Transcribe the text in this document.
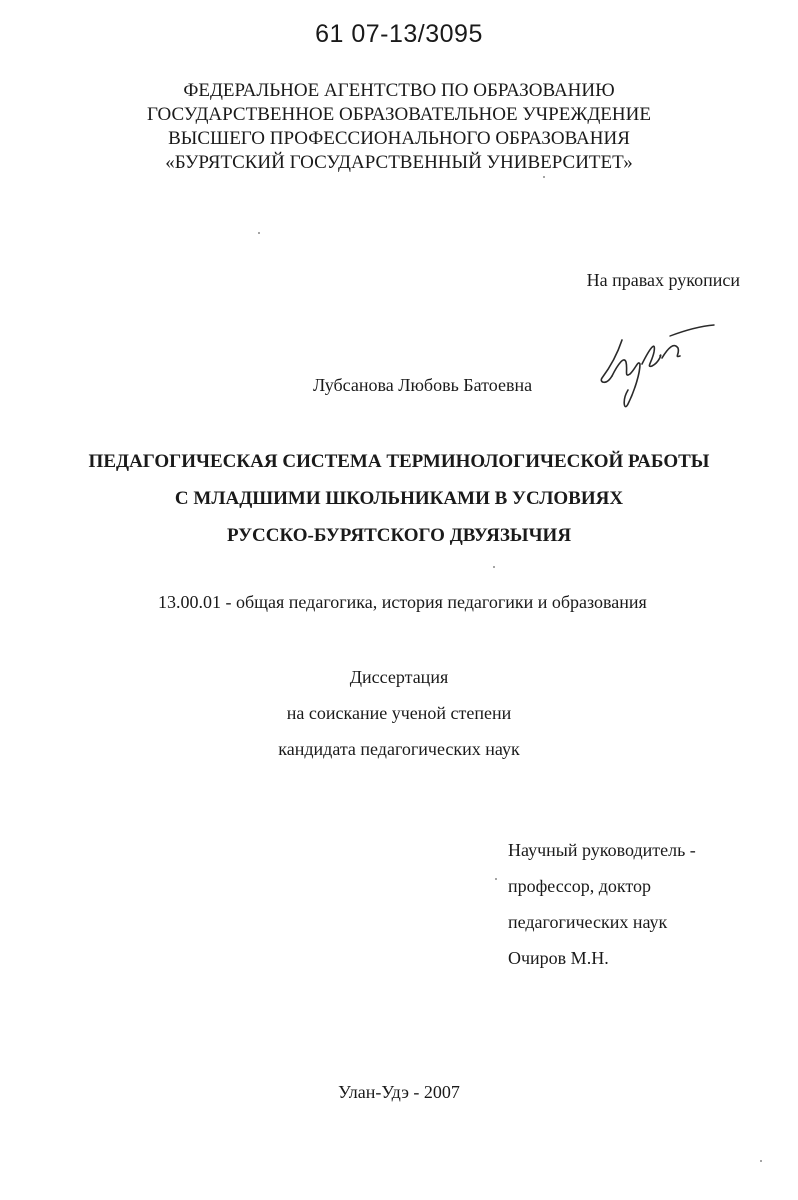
61 07-13/3095

ФЕДЕРАЛЬНОЕ АГЕНТСТВО ПО ОБРАЗОВАНИЮ
ГОСУДАРСТВЕННОЕ ОБРАЗОВАТЕЛЬНОЕ УЧРЕЖДЕНИЕ
ВЫСШЕГО ПРОФЕССИОНАЛЬНОГО ОБРАЗОВАНИЯ
«БУРЯТСКИЙ ГОСУДАРСТВЕННЫЙ УНИВЕРСИТЕТ»

На правах рукописи

Лубсанова Любовь Батоевна

ПЕДАГОГИЧЕСКАЯ СИСТЕМА ТЕРМИНОЛОГИЧЕСКОЙ РАБОТЫ
С МЛАДШИМИ ШКОЛЬНИКАМИ В УСЛОВИЯХ
РУССКО-БУРЯТСКОГО ДВУЯЗЫЧИЯ

13.00.01 - общая педагогика, история педагогики и образования

Диссертация
на соискание ученой степени
кандидата педагогических наук
Научный руководитель -
профессор, доктор
педагогических наук
Очиров М.Н.

Улан-Удэ - 2007
